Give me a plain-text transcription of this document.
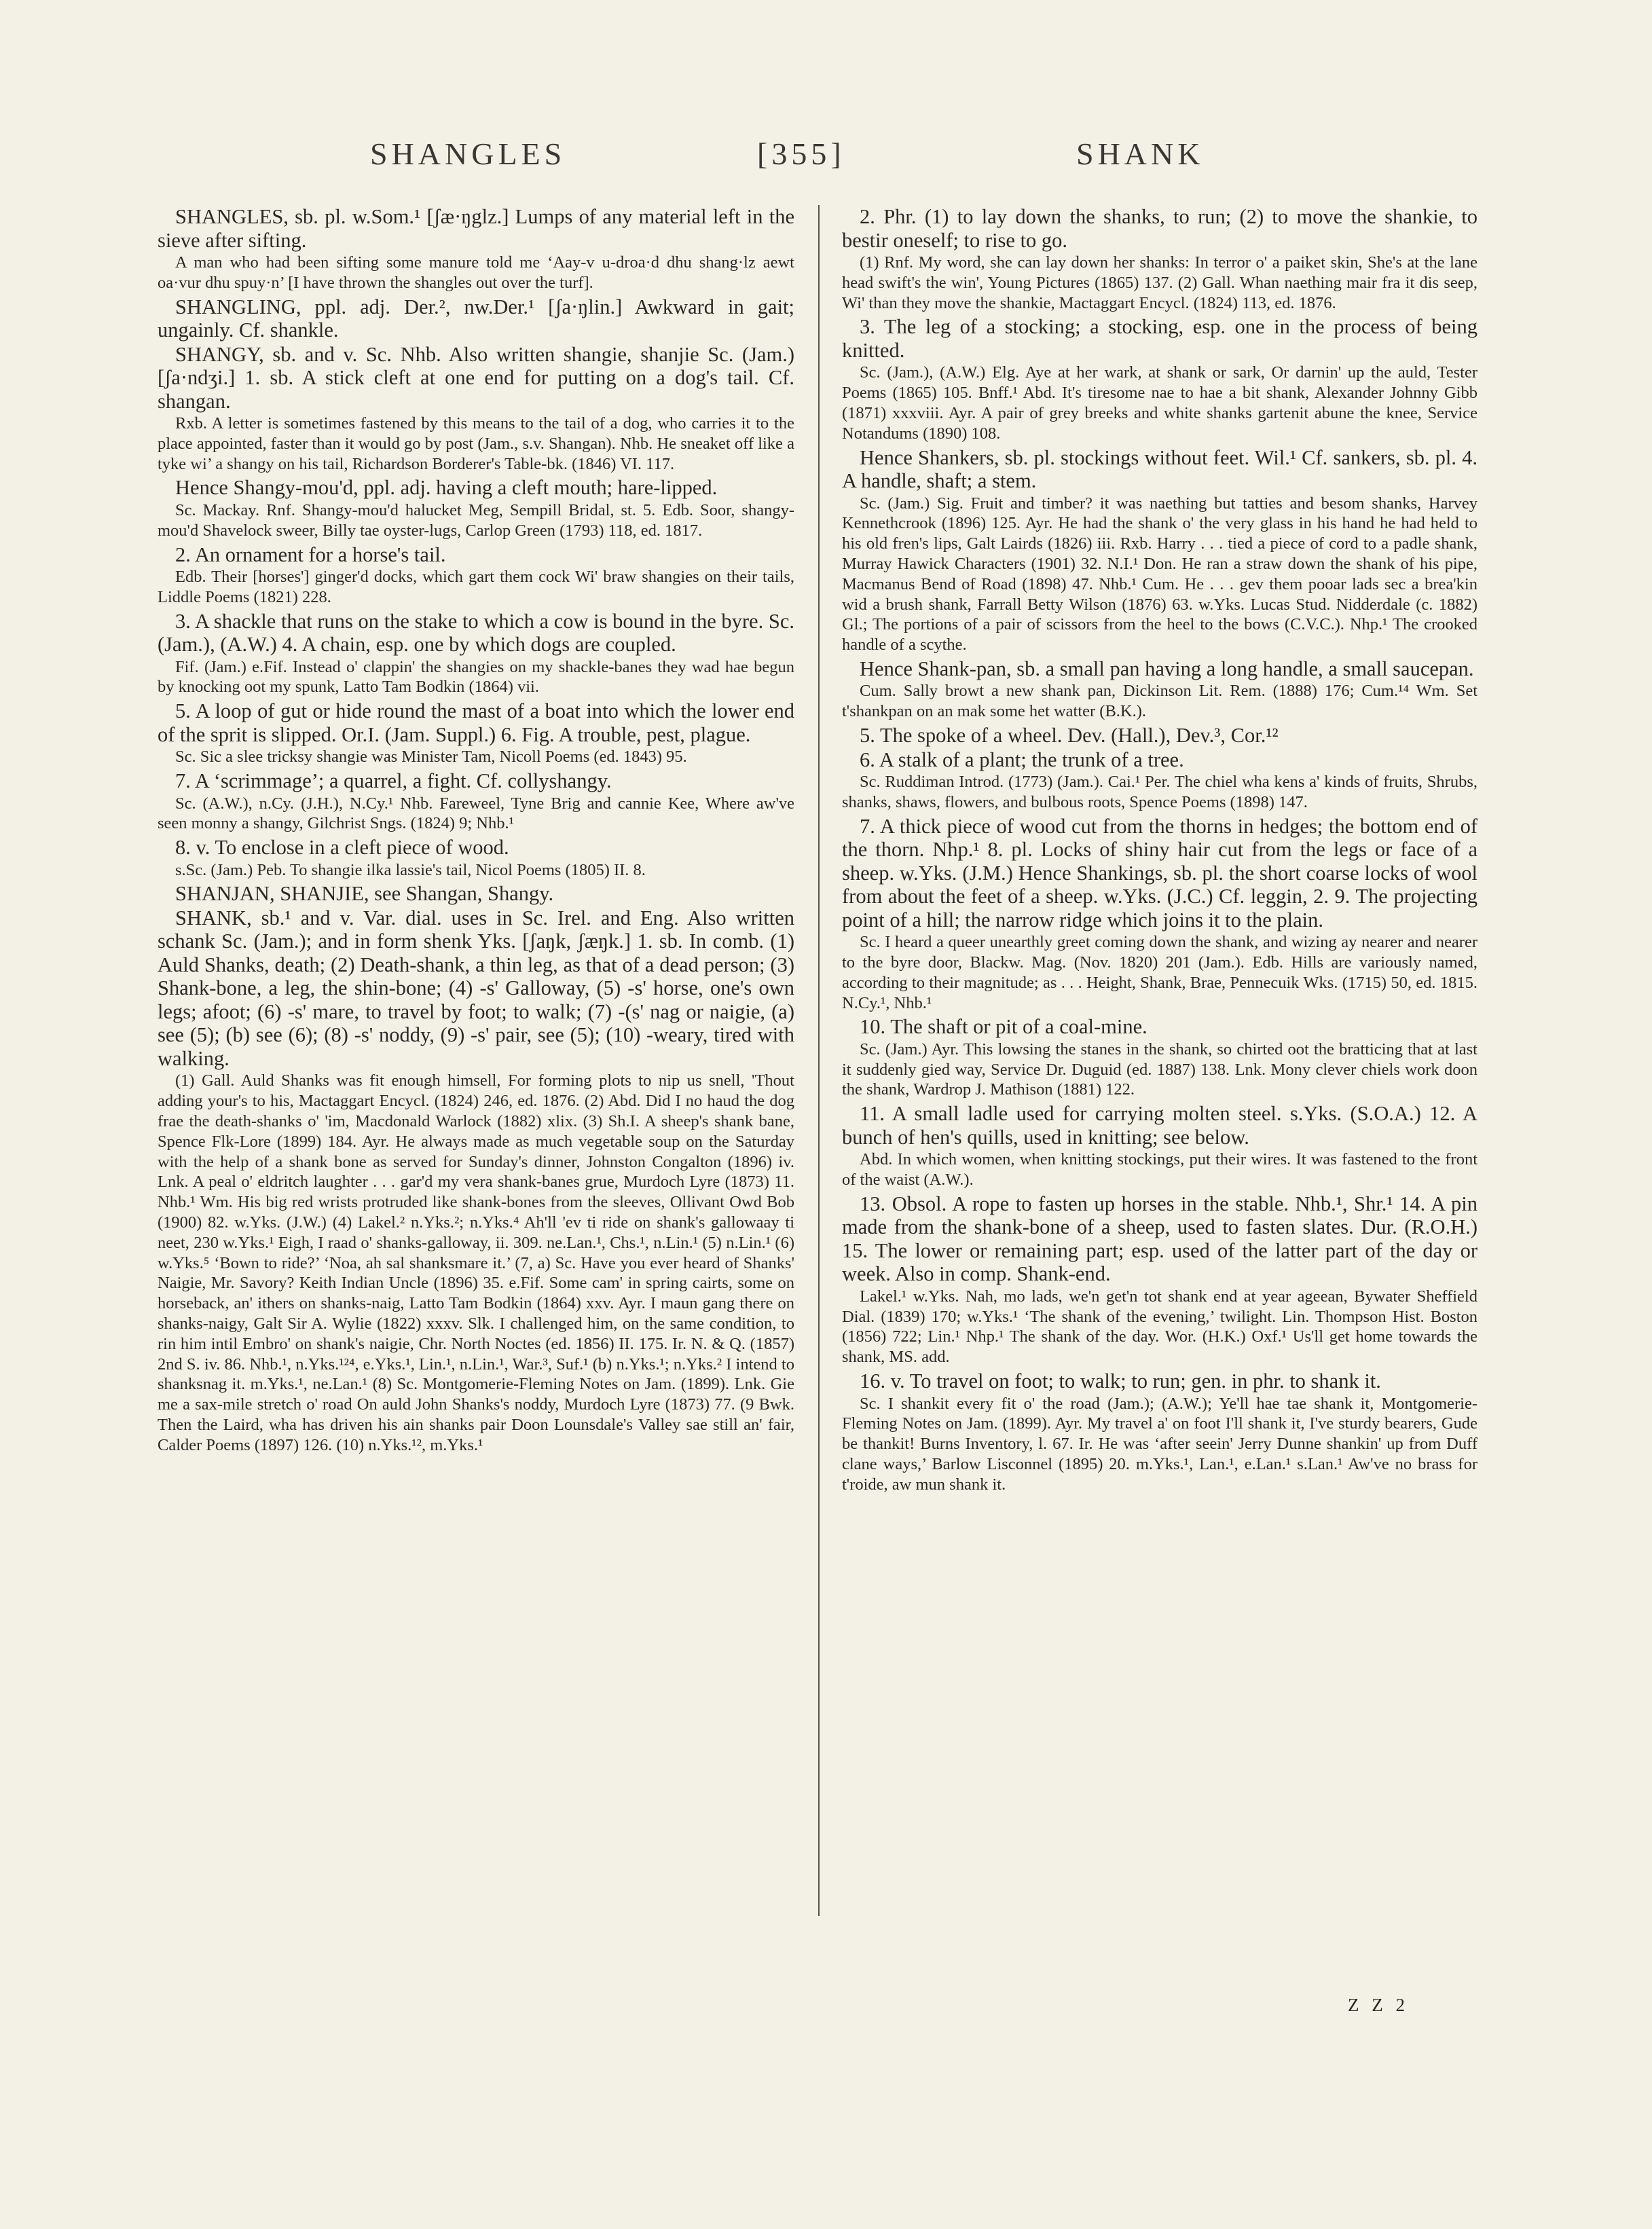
SHANGLES	[355]	SHANK

SHANGLES, sb. pl. w.Som.¹ [ʃæ·ŋglz.] Lumps of any material left in the sieve after sifting.

A man who had been sifting some manure told me ‘Aay-v u-droa·d dhu shang·lz aewt oa·vur dhu spuy·n’ [I have thrown the shangles out over the turf].

SHANGLING, ppl. adj. Der.², nw.Der.¹ [ʃa·ŋlin.] Awkward in gait; ungainly. Cf. shankle.

SHANGY, sb. and v. Sc. Nhb. Also written shangie, shanjie Sc. (Jam.) [ʃa·ndʒi.] 1. sb. A stick cleft at one end for putting on a dog's tail. Cf. shangan.

Rxb. A letter is sometimes fastened by this means to the tail of a dog, who carries it to the place appointed, faster than it would go by post (Jam., s.v. Shangan). Nhb. He sneaket off like a tyke wi’ a shangy on his tail, Richardson Borderer's Table-bk. (1846) VI. 117.

Hence Shangy-mou'd, ppl. adj. having a cleft mouth; hare-lipped.

Sc. Mackay. Rnf. Shangy-mou'd halucket Meg, Sempill Bridal, st. 5. Edb. Soor, shangy-mou'd Shavelock sweer, Billy tae oyster-lugs, Carlop Green (1793) 118, ed. 1817.

2. An ornament for a horse's tail.

Edb. Their [horses'] ginger'd docks, which gart them cock Wi' braw shangies on their tails, Liddle Poems (1821) 228.

3. A shackle that runs on the stake to which a cow is bound in the byre. Sc. (Jam.), (A.W.) 4. A chain, esp. one by which dogs are coupled.

Fif. (Jam.) e.Fif. Instead o' clappin' the shangies on my shackle-banes they wad hae begun by knocking oot my spunk, Latto Tam Bodkin (1864) vii.

5. A loop of gut or hide round the mast of a boat into which the lower end of the sprit is slipped. Or.I. (Jam. Suppl.) 6. Fig. A trouble, pest, plague.

Sc. Sic a slee tricksy shangie was Minister Tam, Nicoll Poems (ed. 1843) 95.

7. A ‘scrimmage’; a quarrel, a fight. Cf. collyshangy.

Sc. (A.W.), n.Cy. (J.H.), N.Cy.¹ Nhb. Fareweel, Tyne Brig and cannie Kee, Where aw've seen monny a shangy, Gilchrist Sngs. (1824) 9; Nhb.¹

8. v. To enclose in a cleft piece of wood.

s.Sc. (Jam.) Peb. To shangie ilka lassie's tail, Nicol Poems (1805) II. 8.

SHANJAN, SHANJIE, see Shangan, Shangy.

SHANK, sb.¹ and v. Var. dial. uses in Sc. Irel. and Eng. Also written schank Sc. (Jam.); and in form shenk Yks. [ʃaŋk, ʃæŋk.] 1. sb. In comb. (1) Auld Shanks, death; (2) Death-shank, a thin leg, as that of a dead person; (3) Shank-bone, a leg, the shin-bone; (4) -s' Galloway, (5) -s' horse, one's own legs; afoot; (6) -s' mare, to travel by foot; to walk; (7) -(s' nag or naigie, (a) see (5); (b) see (6); (8) -s' noddy, (9) -s' pair, see (5); (10) -weary, tired with walking.

(1) Gall. Auld Shanks was fit enough himsell, For forming plots to nip us snell, 'Thout adding your's to his, Mactaggart Encycl. (1824) 246, ed. 1876. (2) Abd. Did I no haud the dog frae the death-shanks o' 'im, Macdonald Warlock (1882) xlix. (3) Sh.I. A sheep's shank bane, Spence Flk-Lore (1899) 184. Ayr. He always made as much vegetable soup on the Saturday with the help of a shank bone as served for Sunday's dinner, Johnston Congalton (1896) iv. Lnk. A peal o' eldritch laughter . . . gar'd my vera shank-banes grue, Murdoch Lyre (1873) 11. Nhb.¹ Wm. His big red wrists protruded like shank-bones from the sleeves, Ollivant Owd Bob (1900) 82. w.Yks. (J.W.) (4) Lakel.² n.Yks.²; n.Yks.⁴ Ah'll 'ev ti ride on shank's gallowaay ti neet, 230 w.Yks.¹ Eigh, I raad o' shanks-galloway, ii. 309. ne.Lan.¹, Chs.¹, n.Lin.¹ (5) n.Lin.¹ (6) w.Yks.⁵ ‘Bown to ride?’ ‘Noa, ah sal shanksmare it.’ (7, a) Sc. Have you ever heard of Shanks' Naigie, Mr. Savory? Keith Indian Uncle (1896) 35. e.Fif. Some cam' in spring cairts, some on horseback, an' ithers on shanks-naig, Latto Tam Bodkin (1864) xxv. Ayr. I maun gang there on shanks-naigy, Galt Sir A. Wylie (1822) xxxv. Slk. I challenged him, on the same condition, to rin him intil Embro' on shank's naigie, Chr. North Noctes (ed. 1856) II. 175. Ir. N. & Q. (1857) 2nd S. iv. 86. Nhb.¹, n.Yks.¹²⁴, e.Yks.¹, Lin.¹, n.Lin.¹, War.³, Suf.¹ (b) n.Yks.¹; n.Yks.² I intend to shanksnag it. m.Yks.¹, ne.Lan.¹ (8) Sc. Montgomerie-Fleming Notes on Jam. (1899). Lnk. Gie me a sax-mile stretch o' road On auld John Shanks's noddy, Murdoch Lyre (1873) 77. (9 Bwk. Then the Laird, wha has driven his ain shanks pair Doon Lounsdale's Valley sae still an' fair, Calder Poems (1897) 126. (10) n.Yks.¹², m.Yks.¹

2. Phr. (1) to lay down the shanks, to run; (2) to move the shankie, to bestir oneself; to rise to go.

(1) Rnf. My word, she can lay down her shanks: In terror o' a paiket skin, She's at the lane head swift's the win', Young Pictures (1865) 137. (2) Gall. Whan naething mair fra it dis seep, Wi' than they move the shankie, Mactaggart Encycl. (1824) 113, ed. 1876.

3. The leg of a stocking; a stocking, esp. one in the process of being knitted.

Sc. (Jam.), (A.W.) Elg. Aye at her wark, at shank or sark, Or darnin' up the auld, Tester Poems (1865) 105. Bnff.¹ Abd. It's tiresome nae to hae a bit shank, Alexander Johnny Gibb (1871) xxxviii. Ayr. A pair of grey breeks and white shanks gartenit abune the knee, Service Notandums (1890) 108.

Hence Shankers, sb. pl. stockings without feet. Wil.¹ Cf. sankers, sb. pl. 4. A handle, shaft; a stem.

Sc. (Jam.) Sig. Fruit and timber? it was naething but tatties and besom shanks, Harvey Kennethcrook (1896) 125. Ayr. He had the shank o' the very glass in his hand he had held to his old fren's lips, Galt Lairds (1826) iii. Rxb. Harry . . . tied a piece of cord to a padle shank, Murray Hawick Characters (1901) 32. N.I.¹ Don. He ran a straw down the shank of his pipe, Macmanus Bend of Road (1898) 47. Nhb.¹ Cum. He . . . gev them pooar lads sec a brea'kin wid a brush shank, Farrall Betty Wilson (1876) 63. w.Yks. Lucas Stud. Nidderdale (c. 1882) Gl.; The portions of a pair of scissors from the heel to the bows (C.V.C.). Nhp.¹ The crooked handle of a scythe.

Hence Shank-pan, sb. a small pan having a long handle, a small saucepan.

Cum. Sally browt a new shank pan, Dickinson Lit. Rem. (1888) 176; Cum.¹⁴ Wm. Set t'shankpan on an mak some het watter (B.K.).

5. The spoke of a wheel. Dev. (Hall.), Dev.³, Cor.¹²

6. A stalk of a plant; the trunk of a tree.

Sc. Ruddiman Introd. (1773) (Jam.). Cai.¹ Per. The chiel wha kens a' kinds of fruits, Shrubs, shanks, shaws, flowers, and bulbous roots, Spence Poems (1898) 147.

7. A thick piece of wood cut from the thorns in hedges; the bottom end of the thorn. Nhp.¹ 8. pl. Locks of shiny hair cut from the legs or face of a sheep. w.Yks. (J.M.) Hence Shankings, sb. pl. the short coarse locks of wool from about the feet of a sheep. w.Yks. (J.C.) Cf. leggin, 2. 9. The projecting point of a hill; the narrow ridge which joins it to the plain.

Sc. I heard a queer unearthly greet coming down the shank, and wizing ay nearer and nearer to the byre door, Blackw. Mag. (Nov. 1820) 201 (Jam.). Edb. Hills are variously named, according to their magnitude; as . . . Height, Shank, Brae, Pennecuik Wks. (1715) 50, ed. 1815. N.Cy.¹, Nhb.¹

10. The shaft or pit of a coal-mine.

Sc. (Jam.) Ayr. This lowsing the stanes in the shank, so chirted oot the bratticing that at last it suddenly gied way, Service Dr. Duguid (ed. 1887) 138. Lnk. Mony clever chiels work doon the shank, Wardrop J. Mathison (1881) 122.

11. A small ladle used for carrying molten steel. s.Yks. (S.O.A.) 12. A bunch of hen's quills, used in knitting; see below.

Abd. In which women, when knitting stockings, put their wires. It was fastened to the front of the waist (A.W.).

13. Obsol. A rope to fasten up horses in the stable. Nhb.¹, Shr.¹ 14. A pin made from the shank-bone of a sheep, used to fasten slates. Dur. (R.O.H.) 15. The lower or remaining part; esp. used of the latter part of the day or week. Also in comp. Shank-end.

Lakel.¹ w.Yks. Nah, mo lads, we'n get'n tot shank end at year ageean, Bywater Sheffield Dial. (1839) 170; w.Yks.¹ ‘The shank of the evening,’ twilight. Lin. Thompson Hist. Boston (1856) 722; Lin.¹ Nhp.¹ The shank of the day. Wor. (H.K.) Oxf.¹ Us'll get home towards the shank, MS. add.

16. v. To travel on foot; to walk; to run; gen. in phr. to shank it.

Sc. I shankit every fit o' the road (Jam.); (A.W.); Ye'll hae tae shank it, Montgomerie-Fleming Notes on Jam. (1899). Ayr. My travel a' on foot I'll shank it, I've sturdy bearers, Gude be thankit! Burns Inventory, l. 67. Ir. He was ‘after seein' Jerry Dunne shankin' up from Duff clane ways,’ Barlow Lisconnel (1895) 20. m.Yks.¹, Lan.¹, e.Lan.¹ s.Lan.¹ Aw've no brass for t'roide, aw mun shank it.

Z Z 2
